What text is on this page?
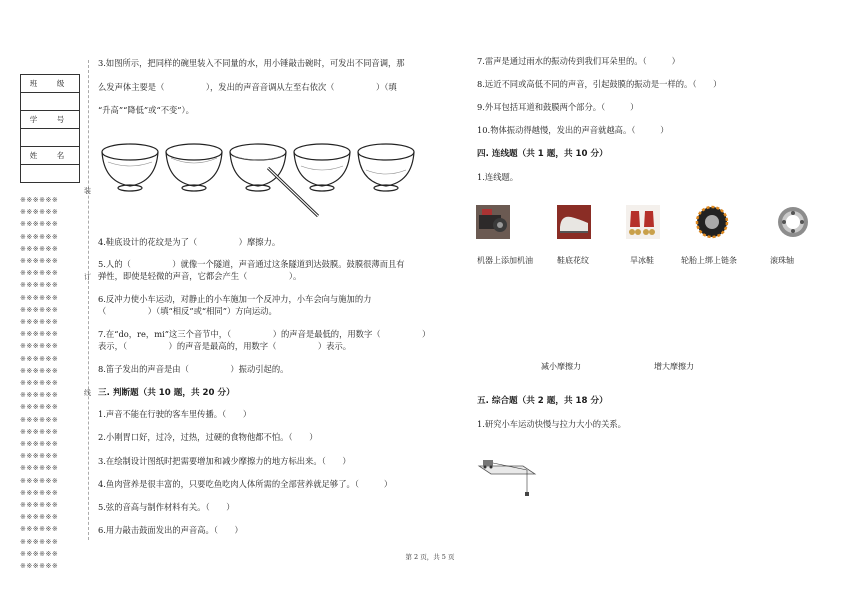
班　级
学　号
姓　名
※※※※※※
※※※※※※
※※※※※※
※※※※※※
※※※※※※
※※※※※※
※※※※※※
※※※※※※
※※※※※※
※※※※※※
※※※※※※
※※※※※※
※※※※※※
※※※※※※
※※※※※※
※※※※※※
※※※※※※
※※※※※※
※※※※※※
※※※※※※
※※※※※※
※※※※※※
※※※※※※
※※※※※※
※※※※※※
※※※※※※
※※※※※※
※※※※※※
※※※※※※
※※※※※※
※※※※※※
装
订
线
3.如图所示，把同样的碗里装入不同量的水，用小锤敲击碗时，可发出不同音调，那
么发声体主要是（　　　　　），发出的声音音调从左至右依次（　　　　　）（填
“升高”“降低”或“不变”）。
4.鞋底设计的花纹是为了（　　　　　）摩擦力。
5.人的（　　　　　）就像一个隧道，声音通过这条隧道到达鼓膜。鼓膜很薄而且有
弹性，即使是轻微的声音，它都会产生（　　　　　）。
6.反冲力使小车运动，对静止的小车施加一个反冲力，小车会向与施加的力
（　　　　　）（填“相反”或“相同”）方向运动。
7.在“do，re，mi”这三个音节中，（　　　　　）的声音是最低的，用数字（　　　　　）
表示，（　　　　　）的声音是最高的，用数字（　　　　　）表示。
8.笛子发出的声音是由（　　　　　）振动引起的。
三. 判断题（共 10 题，共 20 分）
1.声音不能在行驶的客车里传播。（　　）
2.小刚胃口好，过冷，过热，过硬的食物他都不怕。（　　）
3.在绘制设计图纸时把需要增加和减少摩擦力的地方标出来。（　　）
4.鱼肉营养是很丰富的，只要吃鱼吃肉人体所需的全部营养就足够了。（　　　）
5.弦的音高与制作材料有关。（　　）
6.用力敲击鼓面发出的声音高。（　　）
7.雷声是通过雨水的振动传到我们耳朵里的。（　　　）
8.远近不同或高低不同的声音，引起鼓膜的振动是一样的。（　　）
9.外耳包括耳道和鼓膜两个部分。（　　　）
10.物体振动得越慢，发出的声音就越高。（　　　）
四. 连线题（共 1 题，共 10 分）
1.连线题。
机器上添加机油	鞋底花纹	旱冰鞋	轮胎上绑上链条	滚珠轴
减小摩擦力	增大摩擦力
五. 综合题（共 2 题，共 18 分）
1.研究小车运动快慢与拉力大小的关系。
第 2 页，共 5 页
